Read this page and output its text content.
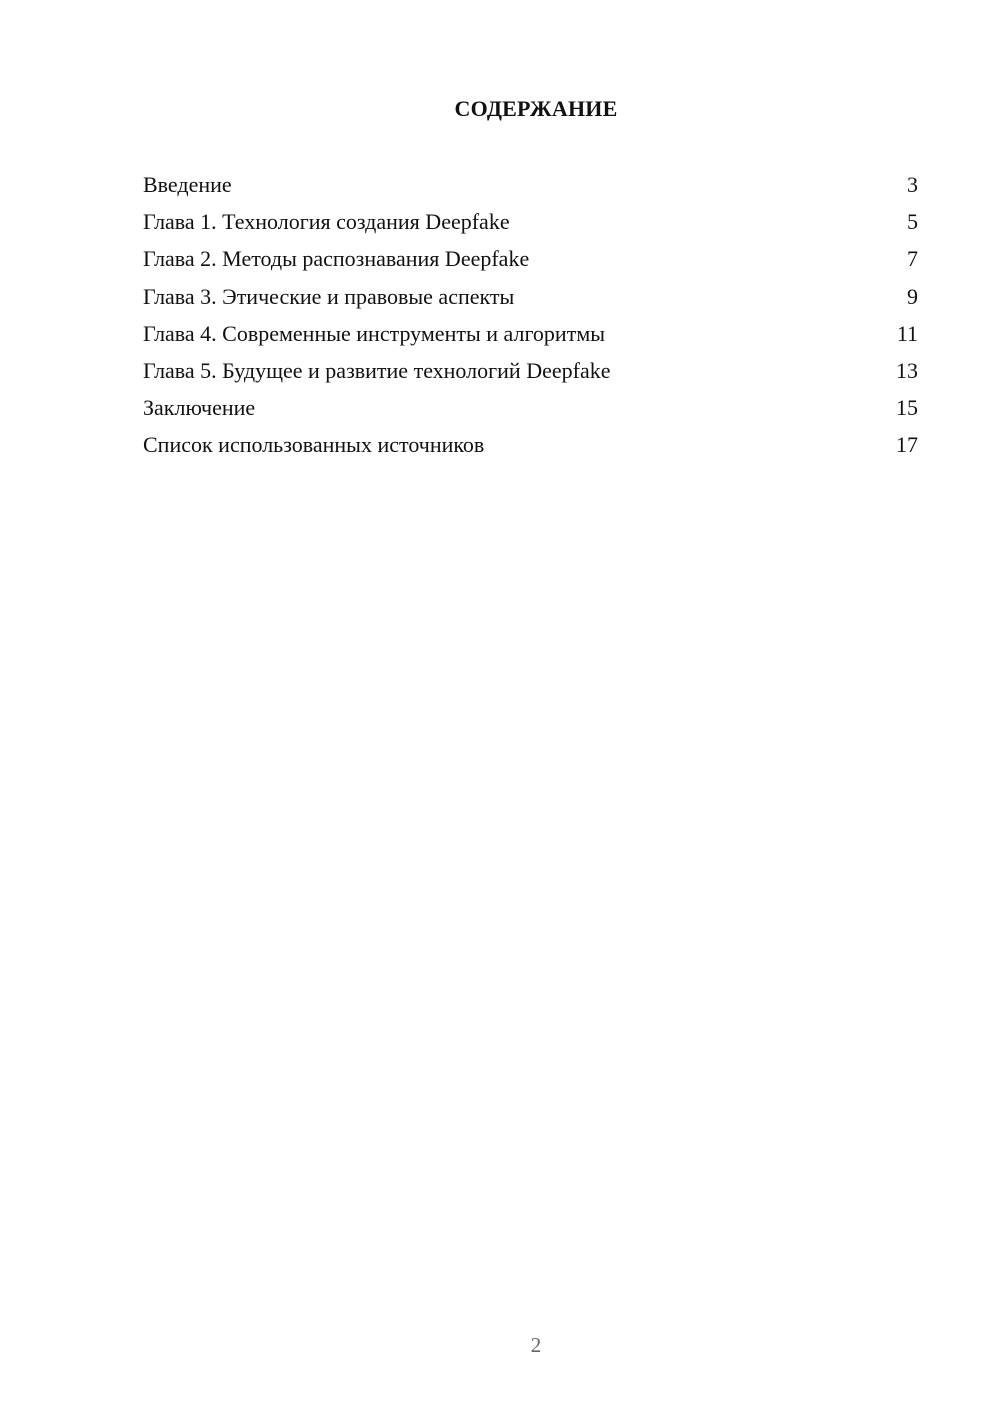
СОДЕРЖАНИЕ
Введение	3
Глава 1. Технология создания Deepfake	5
Глава 2. Методы распознавания Deepfake	7
Глава 3. Этические и правовые аспекты	9
Глава 4. Современные инструменты и алгоритмы	11
Глава 5. Будущее и развитие технологий Deepfake	13
Заключение	15
Список использованных источников	17
2
